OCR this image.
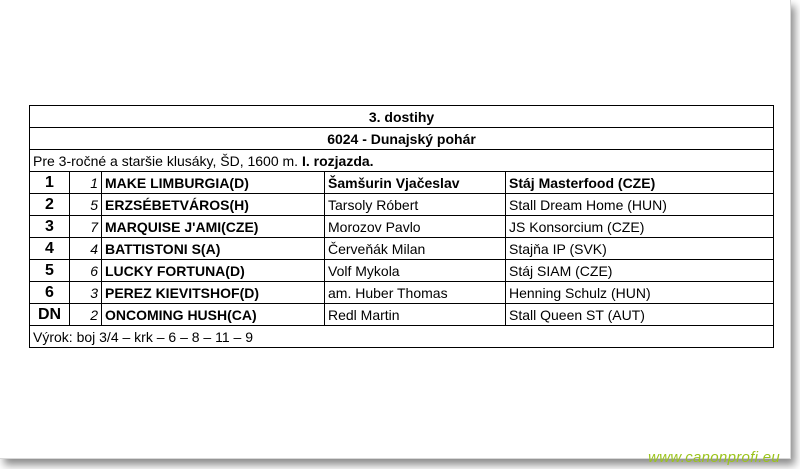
3. dostihy				
6024 - Dunajský pohár				
Pre 3-ročné a staršie klusáky, ŠD, 1600 m. I. rozjazda.				
1	1	MAKE LIMBURGIA(D)	Šamšurin Vjačeslav	Stáj Masterfood (CZE)
2	5	ERZSÉBETVÁROS(H)	Tarsoly Róbert	Stall Dream Home (HUN)
3	7	MARQUISE J'AMI(CZE)	Morozov Pavlo	JS Konsorcium (CZE)
4	4	BATTISTONI S(A)	Červeňák Milan	Stajňa IP (SVK)
5	6	LUCKY FORTUNA(D)	Volf Mykola	Stáj SIAM (CZE)
6	3	PEREZ KIEVITSHOF(D)	am. Huber Thomas	Henning Schulz (HUN)
DN	2	ONCOMING HUSH(CA)	Redl Martin	Stall Queen ST (AUT)
Výrok: boj 3/4 – krk – 6 – 8 – 11 – 9				
www.canonprofi.eu
